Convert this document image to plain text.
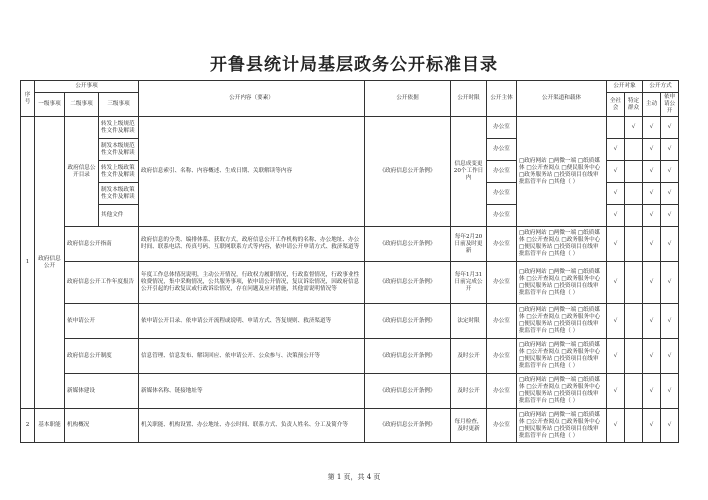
开鲁县统计局基层政务公开标准目录
序号	公开事项			公开内容（要素）	公开依据	公开时限	公开主体	公开渠道和载体	公开对象		公开方式	
	一级事项	二级事项	三级事项						全社会	特定群众	主动	依申请公开
1	政府信息公开	政府信息公开目录	转发上级规范性文件及解读	政府信息索引、名称、内容概述、生成日期、关联解读等内容	《政府信息公开条例》	信息成变更20个工作日内	办公室	□政府网站 □两微一端 □纸质媒体 □公开查阅点 □便民服务中心 □政务服务站 □投资项目在线审批监管平台 □其他（ ）		√	√	√
			制发本级规范性文件及解读				办公室		√		√	√
			转发上级政策性文件及解读				办公室		√		√	√
			制发本级政策性文件及解读				办公室		√		√	√
			其他文件				办公室		√		√	√
		政府信息公开指南		政府信息的分类、编排体系、获取方式，政府信息公开工作机构的名称、办公地址、办公时间、联系电话、传真号码、互联网联系方式等内容，依申请公开申请方式、救济渠道等	《政府信息公开条例》	每年2月20日前及时更新	办公室	□政府网站 □两微一端 □纸质媒体 □公开查阅点 □政务服务中心 □便民服务站 □投资项目在线审批监管平台 □其他（ ）	√		√	√
		政府信息公开工作年度报告		年度工作总体情况说明，主动公开情况，行政权力履职情况，行政监督情况，行政事业性收费情况，集中采购情况，公共服务事项，依申请公开情况，复议诉讼情况，因政府信息公开引起的行政复议或行政诉讼情况，存在问题及应对措施，其他需说明情况等	《政府信息公开条例》	每年1月31日前完成公开	办公室	□政府网站 □两微一端 □纸质媒体 □公开查阅点 □政务服务中心 □便民服务站 □投资项目在线审批监管平台 □其他（ ）	√		√	√
		依申请公开		依申请公开目录、依申请公开流程或说明、申请方式、答复规则、救济渠道等	《政府信息公开条例》	法定时限	办公室	□政府网站 □两微一端 □纸质媒体 □公开查阅点 □政务服务中心 □便民服务站 □投资项目在线审批监管平台 □其他（ ）	√		√	√
		政府信息公开制度		信息管理、信息发布、解读回应、依申请公开、公众参与、决策预公开等	《政府信息公开条例》	及时公开	办公室	□政府网站 □两微一端 □纸质媒体 □公开查阅点 □政务服务中心 □便民服务站 □投资项目在线审批监管平台 □其他（ ）	√		√	√
		新媒体建设		新媒体名称、链接地址等	《政府信息公开条例》	及时公开	办公室	□政府网站 □两微一端 □纸质媒体 □公开查阅点 □政务服务中心 □便民服务站 □投资项目在线审批监管平台 □其他（ ）	√		√	√
2	基本职能	机构概况		机关职能、机构设置、办公地址、办公时间、联系方式、负责人姓名、分工及简介等	《政府信息公开条例》	每月检查，及时更新	办公室	□政府网站 □两微一端 □纸质媒体 □公开查阅点 □政务服务中心 □便民服务站 □投资项目在线审批监管平台 □其他（ ）	√		√	√
第 1 页，共 4 页
